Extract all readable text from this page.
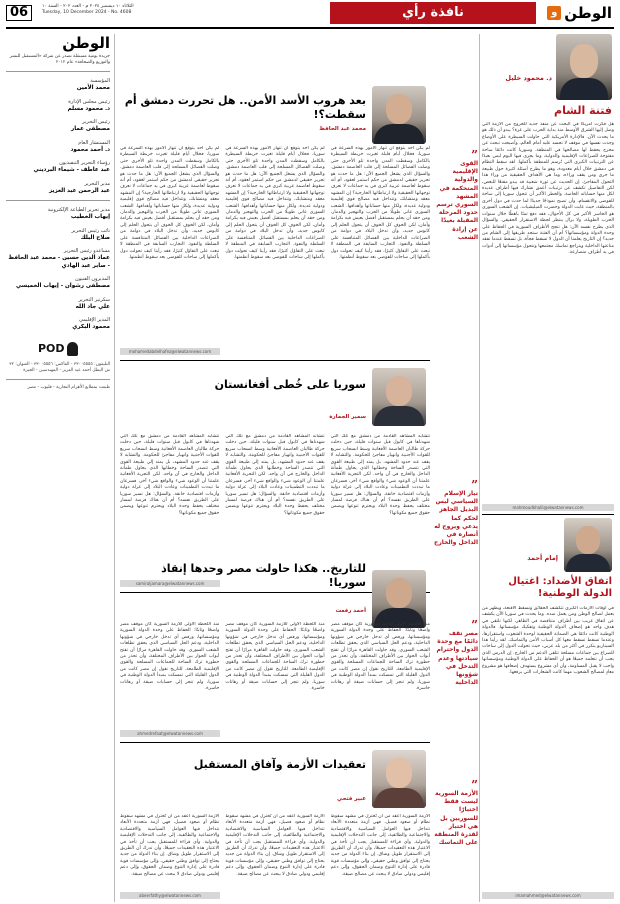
06	الثلاثاء ١٠ ديسمبر ٢٠٢٤ م - العدد ٢٠٢ - السنة ١٠
Tuesday, 10 December 2024 - No. 4608	نافذة رأي	الوطن
و
د. محمود خليل
فتنة الشام
هل فكرت أمريكا في البحث عن منفذ جديد للخروج من الأزمة التي وصل إليها الشرق الأوسط منذ بداية الحرب على غزة؟ يبدو أن ذلك هو ما يحدث الآن. فالإدارة الأمريكية التي حاولت السيطرة على الأوضاع وجدت نفسها في موقف لا تحسد عليه أمام العالم، وأصبحت تبحث عن مخرج يحفظ لها مصالحها في المنطقة. وسوريا كانت دائمًا ساحة مفتوحة للصراعات الإقليمية والدولية، وما يجري فيها اليوم ليس بعيدًا عن الترتيبات الكبرى التي تُرسم للمنطقة بأكملها. لقد سقط النظام في دمشق خلال أيام معدودة، وهو ما يطرح أسئلة كثيرة حول طبيعة ما جرى ومن يقف وراءه، وما هي الأهداف الحقيقية من وراء هذا التحول المفاجئ. إن الحديث عن ثورة شعبية قد يبدو مقنعًا للبعض، لكن التفاصيل تكشف عن ترتيبات أعمق تشارك فيها أطراف عديدة لكل منها حساباته الخاصة. والخطر الأكبر أن تتحول سوريا إلى ساحة للفوضى والانقسام، وأن تصبح نموذجًا جديدًا لما حدث في دول أخرى بالمنطقة، حيث غابت الدولة وحضرت الميليشيات. إن الشعب السوري هو الخاسر الأكبر في كل الأحوال، فقد دفع ثمنًا باهظًا خلال سنوات الحرب الطويلة، ولا يزال ينتظر لحظة الاستقرار الحقيقي. والسؤال الذي يطرح نفسه الآن: هل تنجح الأطراف السورية في الحفاظ على وحدة الدولة ومؤسساتها؟ أم أن الفتنة ستجد طريقها إلى الشام من جديد؟ إن التاريخ يعلمنا أن الدول لا تسقط فجأة، بل تسقط عندما تفقد مناعتها الداخلية ويتراجع تماسك مجتمعها وتتحول مؤسساتها إلى أدوات في يد أطراف متصارعة.
mahmoudkhalil@elwatannews.com
إمام أحمد
اتفاق الأضداد: اغتيال الدولة الوطنية!
في أوقات الأزمات الكبرى تتكشف الحقائق وتسقط الأقنعة، ويظهر من يعمل لصالح الوطن ومن يعمل ضده. وما يحدث في سوريا الآن يكشف عن اتفاق غريب بين أطراف متناقضة في الظاهر، لكنها تلتقي في هدف واحد هو إضعاف الدولة الوطنية وتفكيك مؤسساتها. فالدولة الوطنية كانت دائمًا هي الضمانة الحقيقية لوحدة الشعوب واستقرارها، وعندما تسقط تسقط معها كل أسباب الأمن والتماسك. لقد رأينا هذا السيناريو يتكرر في أكثر من بلد عربي، حيث تحولت الدول إلى ساحات للصراع بين جماعات مسلحة تتلقى الدعم من الخارج. إن الدرس الذي يجب أن نتعلمه جميعًا هو أن الحفاظ على الدولة الوطنية ومؤسساتها واجب لا يقبل المساومة، وأن أي مشروع يستهدف إضعافها هو مشروع معادٍ لمصالح الشعوب مهما كانت الشعارات التي يرفعها.
imamahmed@elwatannews.com
”
القوى الإقليمية والدولية المتحكمة في المشهد السوري ترسم حدود المرحلة المقبلة بعيدًا عن إرادة الشعب
”
تيار الإسلام السياسي ليس البديل الجاهز لحكم كما يدعي ويروج له أنصاره في الداخل والخارج
”
مصر تقف دائمًا مع وحدة الدول واحترام سيادتها وعدم التدخل في شؤونها الداخلية
”
الأزمة السورية ليست فقط اختبارًا للسوريين بل هي اختبار لقدرة المنطقة على التماسك
بعد هروب الأسد الأمن.. هل تحررت دمشق أم سقطت؟!
محمد عبد الحافظ
لم يكن أحد يتوقع أن تنهار الأمور بهذه السرعة في سوريا، فخلال أيام قليلة تغيرت خريطة السيطرة بالكامل وسقطت المدن واحدة تلو الأخرى حتى وصلت الفصائل المسلحة إلى قلب العاصمة دمشق. والسؤال الذي يشغل الجميع الآن: هل ما حدث هو تحرير حقيقي لدمشق من حكم استمر لعقود، أم أنه سقوط لعاصمة عربية كبرى في يد جماعات لا نعرف توجهاتها الحقيقية ولا ارتباطاتها الخارجية؟ إن المشهد معقد ومتشابك، وتتداخل فيه مصالح قوى إقليمية ودولية عديدة، ولكل منها حساباتها وأهدافها. الشعب السوري عانى طويلًا من الحرب والتهجير والدمار، ومن حقه أن يحلم بمستقبل أفضل يعيش فيه بكرامة وأمان، لكن الخوف كل الخوف أن يتحول الحلم إلى كابوس جديد، وأن تدخل البلاد في دوامة من الصراعات الداخلية بين الفصائل المتنافسة على السلطة والنفوذ. التجارب السابقة في المنطقة لا تبعث على التفاؤل كثيرًا، فقد رأينا كيف تحولت دول بأكملها إلى ساحات للفوضى بعد سقوط أنظمتها.
لم يكن أحد يتوقع أن تنهار الأمور بهذه السرعة في سوريا، فخلال أيام قليلة تغيرت خريطة السيطرة بالكامل وسقطت المدن واحدة تلو الأخرى حتى وصلت الفصائل المسلحة إلى قلب العاصمة دمشق. والسؤال الذي يشغل الجميع الآن: هل ما حدث هو تحرير حقيقي لدمشق من حكم استمر لعقود، أم أنه سقوط لعاصمة عربية كبرى في يد جماعات لا نعرف توجهاتها الحقيقية ولا ارتباطاتها الخارجية؟ إن المشهد معقد ومتشابك، وتتداخل فيه مصالح قوى إقليمية ودولية عديدة، ولكل منها حساباتها وأهدافها. الشعب السوري عانى طويلًا من الحرب والتهجير والدمار، ومن حقه أن يحلم بمستقبل أفضل يعيش فيه بكرامة وأمان، لكن الخوف كل الخوف أن يتحول الحلم إلى كابوس جديد، وأن تدخل البلاد في دوامة من الصراعات الداخلية بين الفصائل المتنافسة على السلطة والنفوذ. التجارب السابقة في المنطقة لا تبعث على التفاؤل كثيرًا، فقد رأينا كيف تحولت دول بأكملها إلى ساحات للفوضى بعد سقوط أنظمتها.
لم يكن أحد يتوقع أن تنهار الأمور بهذه السرعة في سوريا، فخلال أيام قليلة تغيرت خريطة السيطرة بالكامل وسقطت المدن واحدة تلو الأخرى حتى وصلت الفصائل المسلحة إلى قلب العاصمة دمشق. والسؤال الذي يشغل الجميع الآن: هل ما حدث هو تحرير حقيقي لدمشق من حكم استمر لعقود، أم أنه سقوط لعاصمة عربية كبرى في يد جماعات لا نعرف توجهاتها الحقيقية ولا ارتباطاتها الخارجية؟ إن المشهد معقد ومتشابك، وتتداخل فيه مصالح قوى إقليمية ودولية عديدة، ولكل منها حساباتها وأهدافها. الشعب السوري عانى طويلًا من الحرب والتهجير والدمار، ومن حقه أن يحلم بمستقبل أفضل يعيش فيه بكرامة وأمان، لكن الخوف كل الخوف أن يتحول الحلم إلى كابوس جديد، وأن تدخل البلاد في دوامة من الصراعات الداخلية بين الفصائل المتنافسة على السلطة والنفوذ. التجارب السابقة في المنطقة لا تبعث على التفاؤل كثيرًا، فقد رأينا كيف تحولت دول بأكملها إلى ساحات للفوضى بعد سقوط أنظمتها.
mohamedabdelhafez@elwatannews.com
سوريا على خُطى أفغانستان
سمير الجمارة
تتشابه المشاهد القادمة من دمشق مع تلك التي شهدناها في كابول قبل سنوات قليلة، حين دخلت حركة طالبان العاصمة الأفغانية وسط انسحاب سريع للقوات الأجنبية وانهيار مفاجئ للحكومة. والتشابه لا يقف عند حدود المشهد، بل يمتد إلى طبيعة القوى التي تتصدر الساحة وخطابها الذي يحاول طمأنة الداخل والخارج في آن واحد. لكن التجربة الأفغانية علمتنا أن الوعود شيء والواقع شيء آخر، فسرعان ما تبددت التطمينات وعادت البلاد إلى عزلة دولية وأزمات اقتصادية خانقة. والسؤال: هل تسير سوريا على الطريق نفسه؟ أم أن هناك فرصة لمسار مختلف يحفظ وحدة البلاد ويحترم تنوعها ويضمن حقوق جميع مكوناتها؟
تتشابه المشاهد القادمة من دمشق مع تلك التي شهدناها في كابول قبل سنوات قليلة، حين دخلت حركة طالبان العاصمة الأفغانية وسط انسحاب سريع للقوات الأجنبية وانهيار مفاجئ للحكومة. والتشابه لا يقف عند حدود المشهد، بل يمتد إلى طبيعة القوى التي تتصدر الساحة وخطابها الذي يحاول طمأنة الداخل والخارج في آن واحد. لكن التجربة الأفغانية علمتنا أن الوعود شيء والواقع شيء آخر، فسرعان ما تبددت التطمينات وعادت البلاد إلى عزلة دولية وأزمات اقتصادية خانقة. والسؤال: هل تسير سوريا على الطريق نفسه؟ أم أن هناك فرصة لمسار مختلف يحفظ وحدة البلاد ويحترم تنوعها ويضمن حقوق جميع مكوناتها؟
تتشابه المشاهد القادمة من دمشق مع تلك التي شهدناها في كابول قبل سنوات قليلة، حين دخلت حركة طالبان العاصمة الأفغانية وسط انسحاب سريع للقوات الأجنبية وانهيار مفاجئ للحكومة. والتشابه لا يقف عند حدود المشهد، بل يمتد إلى طبيعة القوى التي تتصدر الساحة وخطابها الذي يحاول طمأنة الداخل والخارج في آن واحد. لكن التجربة الأفغانية علمتنا أن الوعود شيء والواقع شيء آخر، فسرعان ما تبددت التطمينات وعادت البلاد إلى عزلة دولية وأزمات اقتصادية خانقة. والسؤال: هل تسير سوريا على الطريق نفسه؟ أم أن هناك فرصة لمسار مختلف يحفظ وحدة البلاد ويحترم تنوعها ويضمن حقوق جميع مكوناتها؟
samiraljamara@elwatannews.com
للتاريخ.. هكذا حاولت مصر وحدها إنقاذ سوريا!
أحمد رفعت
منذ اللحظة الأولى للأزمة السورية كان موقف مصر واضحًا وثابتًا: الحفاظ على وحدة الدولة السورية ومؤسساتها، ورفض أي تدخل خارجي في شؤونها الداخلية، ودعم الحل السياسي الذي يحقق تطلعات الشعب السوري. وقد حاولت القاهرة مرارًا أن تفتح أبواب الحوار بين الأطراف المختلفة، وأن تحذر من خطورة ترك الساحة للجماعات المسلحة والقوى الإقليمية الطامعة. للتاريخ نقول إن مصر كانت من الدول القليلة التي تمسكت بمبدأ الدولة الوطنية في سوريا، ولم تنجر إلى حسابات ضيقة أو رهانات خاسرة.
منذ اللحظة الأولى للأزمة السورية كان موقف مصر واضحًا وثابتًا: الحفاظ على وحدة الدولة السورية ومؤسساتها، ورفض أي تدخل خارجي في شؤونها الداخلية، ودعم الحل السياسي الذي يحقق تطلعات الشعب السوري. وقد حاولت القاهرة مرارًا أن تفتح أبواب الحوار بين الأطراف المختلفة، وأن تحذر من خطورة ترك الساحة للجماعات المسلحة والقوى الإقليمية الطامعة. للتاريخ نقول إن مصر كانت من الدول القليلة التي تمسكت بمبدأ الدولة الوطنية في سوريا، ولم تنجر إلى حسابات ضيقة أو رهانات خاسرة.
منذ اللحظة الأولى للأزمة السورية كان موقف مصر واضحًا وثابتًا: الحفاظ على وحدة الدولة السورية ومؤسساتها، ورفض أي تدخل خارجي في شؤونها الداخلية، ودعم الحل السياسي الذي يحقق تطلعات الشعب السوري. وقد حاولت القاهرة مرارًا أن تفتح أبواب الحوار بين الأطراف المختلفة، وأن تحذر من خطورة ترك الساحة للجماعات المسلحة والقوى الإقليمية الطامعة. للتاريخ نقول إن مصر كانت من الدول القليلة التي تمسكت بمبدأ الدولة الوطنية في سوريا، ولم تنجر إلى حسابات ضيقة أو رهانات خاسرة.
ahmedrefaat@elwatannews.com
تعقيدات الأزمة وآفاق المستقبل
عبير فتحي
الأزمة السورية أعقد من أن تُختزل في مشهد سقوط نظام أو صعود فصيل، فهي أزمة متعددة الأبعاد تتداخل فيها العوامل السياسية والاقتصادية والاجتماعية والطائفية، إلى جانب التدخلات الإقليمية والدولية. وأي قراءة للمستقبل يجب أن تأخذ في الاعتبار هذه التعقيدات جميعًا، وأن تدرك أن الطريق إلى الاستقرار طويل وشاق. إن بناء الدولة من جديد يحتاج إلى توافق وطني حقيقي، وإلى مؤسسات قوية قادرة على إدارة التنوع وضمان الحقوق، وإلى دعم إقليمي ودولي صادق لا يبحث عن مصالح ضيقة.
الأزمة السورية أعقد من أن تُختزل في مشهد سقوط نظام أو صعود فصيل، فهي أزمة متعددة الأبعاد تتداخل فيها العوامل السياسية والاقتصادية والاجتماعية والطائفية، إلى جانب التدخلات الإقليمية والدولية. وأي قراءة للمستقبل يجب أن تأخذ في الاعتبار هذه التعقيدات جميعًا، وأن تدرك أن الطريق إلى الاستقرار طويل وشاق. إن بناء الدولة من جديد يحتاج إلى توافق وطني حقيقي، وإلى مؤسسات قوية قادرة على إدارة التنوع وضمان الحقوق، وإلى دعم إقليمي ودولي صادق لا يبحث عن مصالح ضيقة.
الأزمة السورية أعقد من أن تُختزل في مشهد سقوط نظام أو صعود فصيل، فهي أزمة متعددة الأبعاد تتداخل فيها العوامل السياسية والاقتصادية والاجتماعية والطائفية، إلى جانب التدخلات الإقليمية والدولية. وأي قراءة للمستقبل يجب أن تأخذ في الاعتبار هذه التعقيدات جميعًا، وأن تدرك أن الطريق إلى الاستقرار طويل وشاق. إن بناء الدولة من جديد يحتاج إلى توافق وطني حقيقي، وإلى مؤسسات قوية قادرة على إدارة التنوع وضمان الحقوق، وإلى دعم إقليمي ودولي صادق لا يبحث عن مصالح ضيقة.
abeerfathy@elwatannews.com
الوطن
جريدة يومية مستقلة تصدر عن شركة «المستقبل للنشر والتوزيع والصحافة» عام ٢٠١٢
المؤسسة
محمد الأمين
رئيس مجلس الإدارة
د. محمود مسلم
رئيس التحرير
مصطفى عمار
المستشار العام
د. أحمد محمود
رؤساء التحرير التنفيذيون
عبد عاطف - شيماء البرديني
مدير التحرير
عبد الرحمن عبد العزيز
مدير تحرير الطباعة الإلكترونية
إيهاب الخطيب
نائب رئيس التحرير
صلاح البلك
مساعدو رئيس التحرير
عماد الدين حسين - محمد عبد الحافظ - صابر عبد الهادي
المديرون الفنيون
مصطفى رشوان - إيهاب الخميسي
سكرتير التحرير
علي جاد الله
المدير الإقليمي
محمود البكري
POD
التليفون: ٣٣٠٠٥٥٥٥ - الفاكس: ٣٣٠٠٥٥٥٦ - العنوان: ٣٢ ش البطل أحمد عبد العزيز - المهندسين - الجيزة
طبعت بمطابع الأهرام التجارية - قليوب - مصر
